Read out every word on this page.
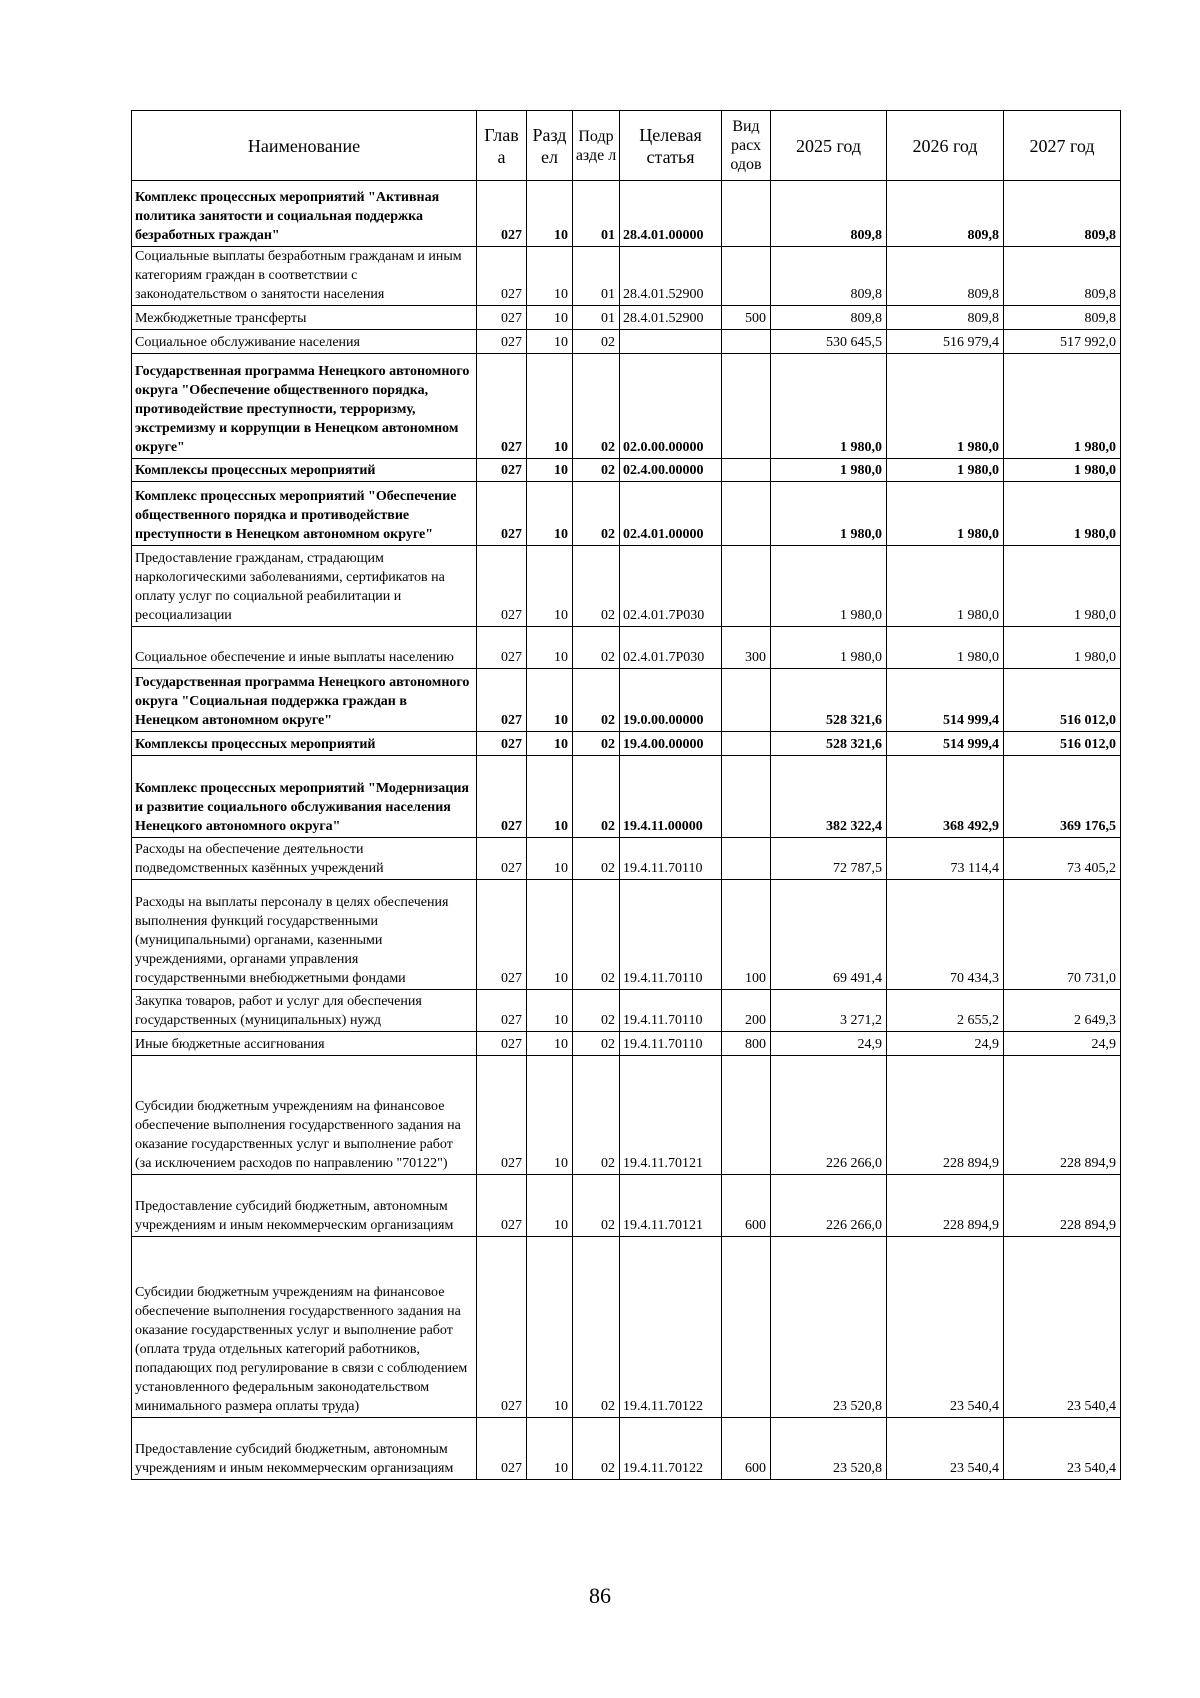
Наименование	Глав а	Разд ел	Подр азде л	Целевая статья	Вид расх одов	2025 год	2026 год	2027 год
Комплекс процессных мероприятий "Активная политика занятости и социальная поддержка безработных граждан"	027	10	01	28.4.01.00000		809,8	809,8	809,8
Социальные выплаты безработным гражданам и иным категориям граждан в соответствии с законодательством о занятости населения	027	10	01	28.4.01.52900		809,8	809,8	809,8
Межбюджетные трансферты	027	10	01	28.4.01.52900	500	809,8	809,8	809,8
Социальное обслуживание населения	027	10	02			530 645,5	516 979,4	517 992,0
Государственная программа Ненецкого автономного округа "Обеспечение общественного порядка, противодействие преступности, терроризму, экстремизму и коррупции в Ненецком автономном округе"	027	10	02	02.0.00.00000		1 980,0	1 980,0	1 980,0
Комплексы процессных мероприятий	027	10	02	02.4.00.00000		1 980,0	1 980,0	1 980,0
Комплекс процессных мероприятий "Обеспечение общественного порядка и противодействие преступности в Ненецком автономном округе"	027	10	02	02.4.01.00000		1 980,0	1 980,0	1 980,0
Предоставление гражданам, страдающим наркологическими заболеваниями, сертификатов на оплату услуг по социальной реабилитации и ресоциализации	027	10	02	02.4.01.7Р030		1 980,0	1 980,0	1 980,0
Социальное обеспечение и иные выплаты населению	027	10	02	02.4.01.7Р030	300	1 980,0	1 980,0	1 980,0
Государственная программа Ненецкого автономного округа "Социальная поддержка граждан в Ненецком автономном округе"	027	10	02	19.0.00.00000		528 321,6	514 999,4	516 012,0
Комплексы процессных мероприятий	027	10	02	19.4.00.00000		528 321,6	514 999,4	516 012,0
Комплекс процессных мероприятий "Модернизация и развитие социального обслуживания населения Ненецкого автономного округа"	027	10	02	19.4.11.00000		382 322,4	368 492,9	369 176,5
Расходы на обеспечение деятельности подведомственных казённых учреждений	027	10	02	19.4.11.70110		72 787,5	73 114,4	73 405,2
Расходы на выплаты персоналу в целях обеспечения выполнения функций государственными (муниципальными) органами, казенными учреждениями, органами управления государственными внебюджетными фондами	027	10	02	19.4.11.70110	100	69 491,4	70 434,3	70 731,0
Закупка товаров, работ и услуг для обеспечения государственных (муниципальных) нужд	027	10	02	19.4.11.70110	200	3 271,2	2 655,2	2 649,3
Иные бюджетные ассигнования	027	10	02	19.4.11.70110	800	24,9	24,9	24,9
Субсидии бюджетным учреждениям на финансовое обеспечение выполнения государственного задания на оказание государственных услуг и выполнение работ (за исключением расходов по направлению "70122")	027	10	02	19.4.11.70121		226 266,0	228 894,9	228 894,9
Предоставление субсидий бюджетным, автономным учреждениям и иным некоммерческим организациям	027	10	02	19.4.11.70121	600	226 266,0	228 894,9	228 894,9
Субсидии бюджетным учреждениям на финансовое обеспечение выполнения государственного задания на оказание государственных услуг и выполнение работ (оплата труда отдельных категорий работников, попадающих под регулирование в связи с соблюдением установленного федеральным законодательством минимального размера оплаты труда)	027	10	02	19.4.11.70122		23 520,8	23 540,4	23 540,4
Предоставление субсидий бюджетным, автономным учреждениям и иным некоммерческим организациям	027	10	02	19.4.11.70122	600	23 520,8	23 540,4	23 540,4
86
